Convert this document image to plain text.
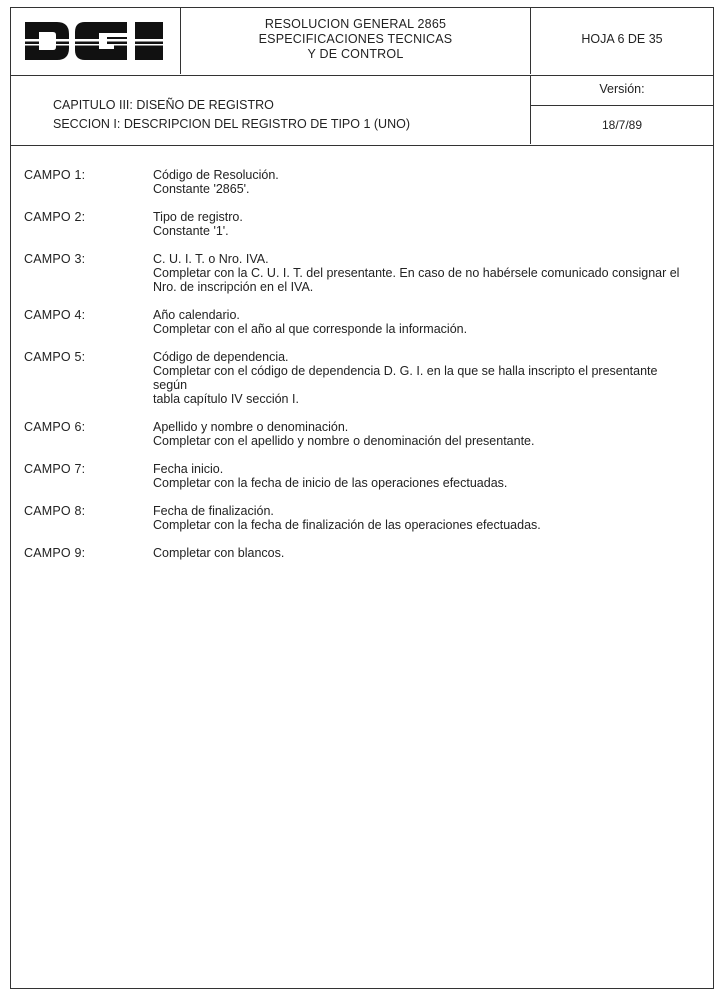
RESOLUCION GENERAL 2865
ESPECIFICACIONES TECNICAS
Y DE CONTROL
HOJA 6 DE 35
CAPITULO III: DISEÑO DE REGISTRO
SECCION I: DESCRIPCION DEL REGISTRO DE TIPO 1 (UNO)
Versión:
18/7/89
CAMPO 1:	Código de Resolución.
Constante '2865'.
CAMPO 2:	Tipo de registro.
Constante '1'.
CAMPO 3:	C. U. I. T. o Nro. IVA.
Completar con la C. U. I. T. del presentante. En caso de no habérsele comunicado consignar el
Nro. de inscripción en el IVA.
CAMPO 4:	Año calendario.
Completar con el año al que corresponde la información.
CAMPO 5:	Código de dependencia.
Completar con el código de dependencia D. G. I. en la que se halla inscripto el presentante según
tabla capítulo IV sección I.
CAMPO 6:	Apellido y nombre o denominación.
Completar con el apellido y nombre o denominación del presentante.
CAMPO 7:	Fecha inicio.
Completar con la fecha de inicio de las operaciones efectuadas.
CAMPO 8:	Fecha de finalización.
Completar con la fecha de finalización de las operaciones efectuadas.
CAMPO 9:	Completar con blancos.
